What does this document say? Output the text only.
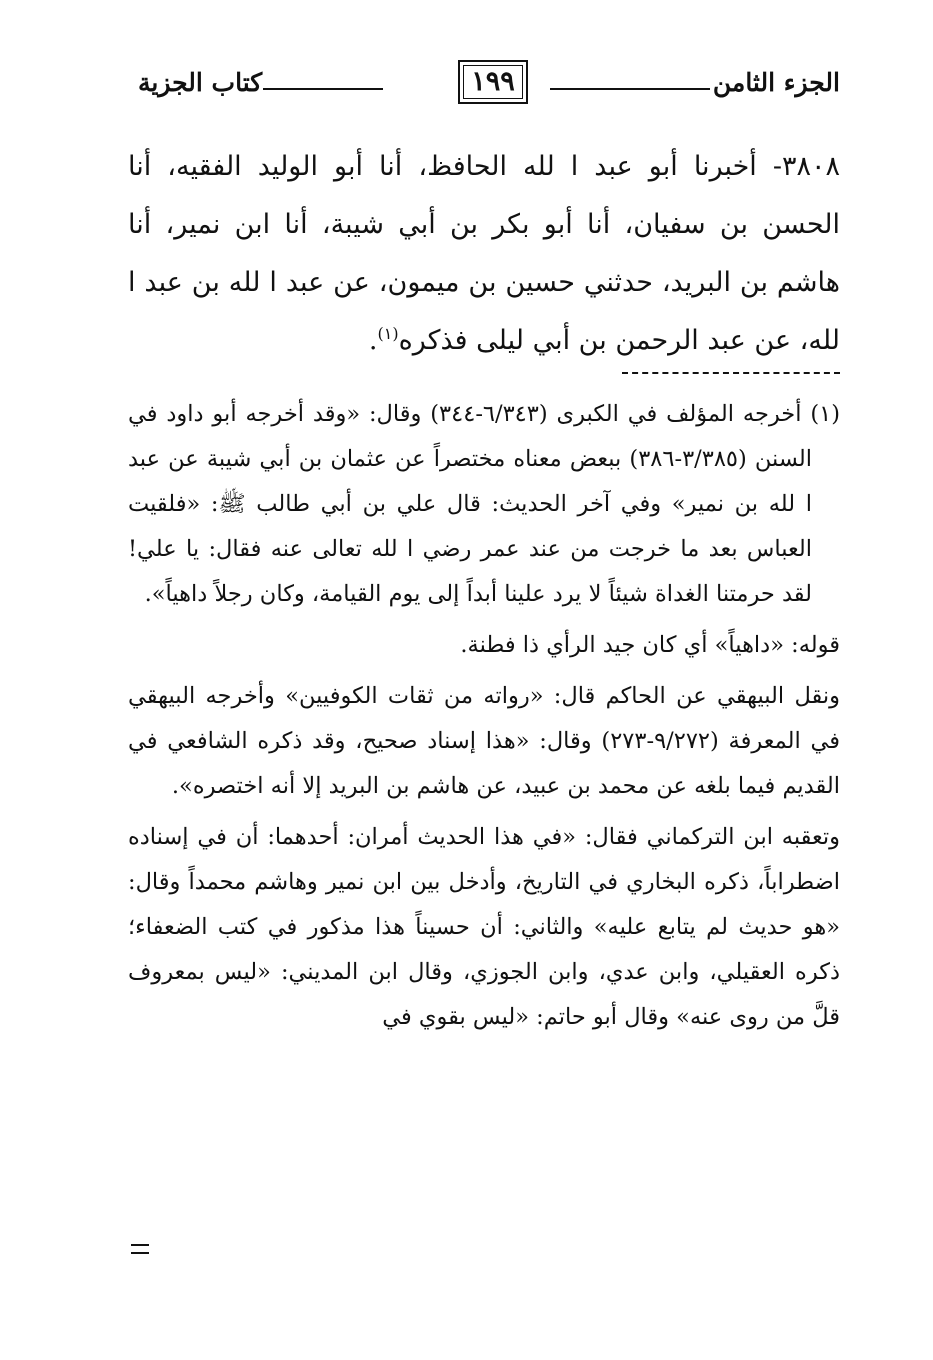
الجزء الثامن
١٩٩
كتاب الجزية

٣٨٠٨- أخبرنا أبو عبد ا لله الحافظ، أنا أبو الوليد الفقيه، أنا الحسن بن سفيان، أنا أبو بكر بن أبي شيبة، أنا ابن نمير، أنا هاشم بن البريد، حدثني حسين بن ميمون، عن عبد ا لله بن عبد ا لله، عن عبد الرحمن بن أبي ليلى فذكره$^{(١)}$.

(١) أخرجه المؤلف في الكبرى (٦/٣٤٣-٣٤٤) وقال: «وقد أخرجه أبو داود في السنن (٣/٣٨٥-٣٨٦) ببعض معناه مختصراً عن عثمان بن أبي شيبة عن عبد ا لله بن نمير» وفي آخر الحديث: قال علي بن أبي طالب ﷺ: «فلقيت العباس بعد ما خرجت من عند عمر رضي ا لله تعالى عنه فقال: يا علي! لقد حرمتنا الغداة شيئاً لا يرد علينا أبداً إلى يوم القيامة، وكان رجلاً داهياً».

قوله: «داهياً» أي كان جيد الرأي ذا فطنة.

ونقل البيهقي عن الحاكم قال: «رواته من ثقات الكوفيين» وأخرجه البيهقي في المعرفة (٩/٢٧٢-٢٧٣) وقال: «هذا إسناد صحيح، وقد ذكره الشافعي في القديم فيما بلغه عن محمد بن عبيد، عن هاشم بن البريد إلا أنه اختصره».

وتعقبه ابن التركماني فقال: «في هذا الحديث أمران: أحدهما: أن في إسناده اضطراباً، ذكره البخاري في التاريخ، وأدخل بين ابن نمير وهاشم محمداً وقال: «هو حديث لم يتابع عليه» والثاني: أن حسيناً هذا مذكور في كتب الضعفاء؛ ذكره العقيلي، وابن عدي، وابن الجوزي، وقال ابن المديني: «ليس بمعروف قلَّ من روى عنه» وقال أبو حاتم: «ليس بقوي في
